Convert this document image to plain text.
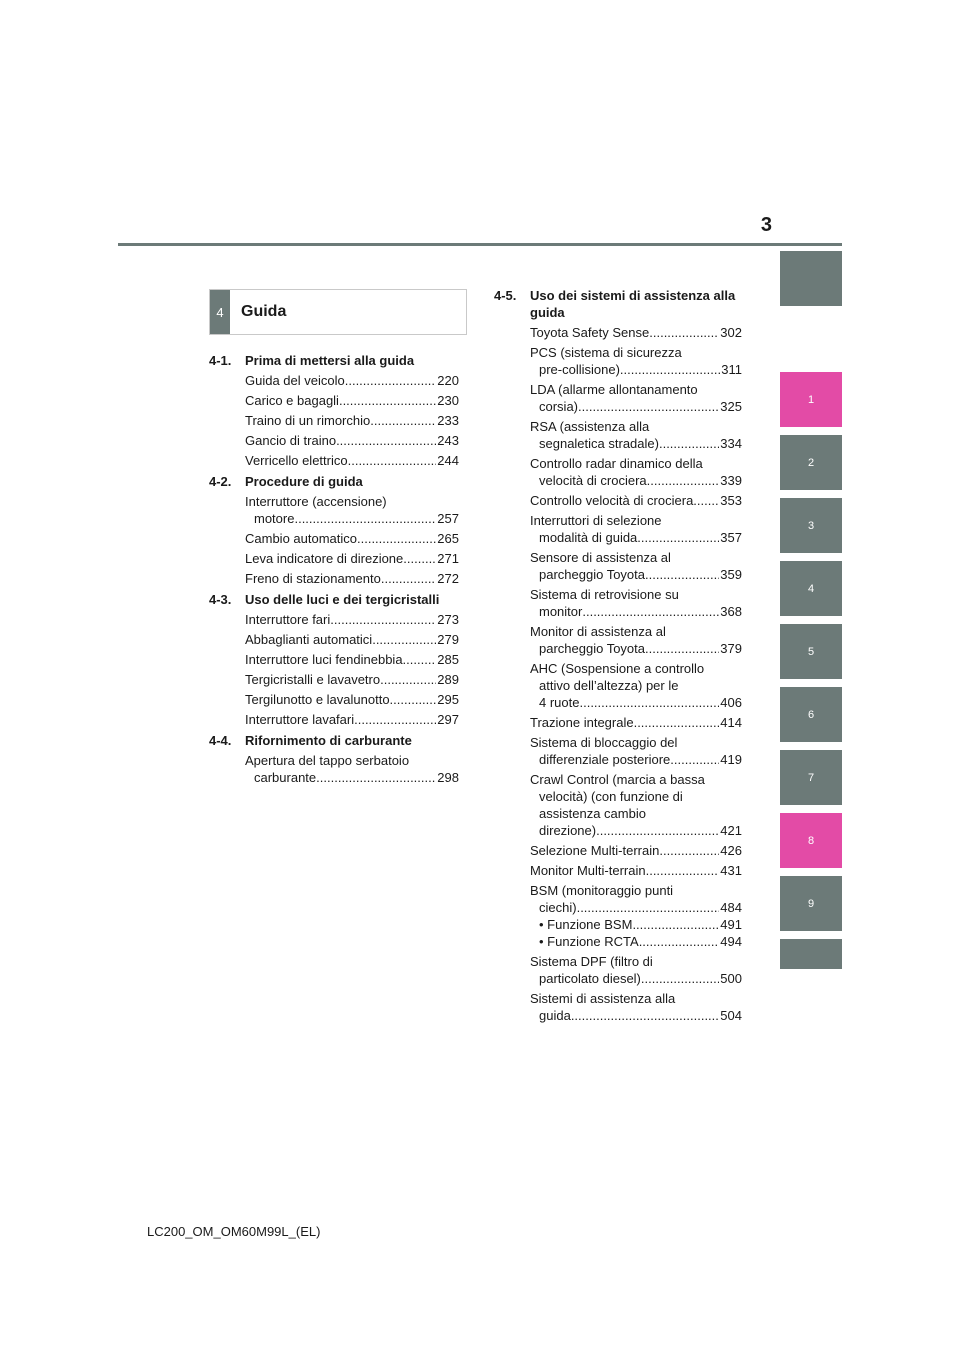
3
4	Guida
4-1.	Prima di mettersi alla guida
Guida del veicolo .....	220
Carico e bagagli .....	230
Traino di un rimorchio .....	233
Gancio di traino .....	243
Verricello elettrico .....	244
4-2.	Procedure di guida
Interruttore (accensione)
motore .....	257
Cambio automatico .....	265
Leva indicatore di direzione .....	271
Freno di stazionamento .....	272
4-3.	Uso delle luci e dei tergicristalli
Interruttore fari .....	273
Abbaglianti automatici .....	279
Interruttore luci fendinebbia .....	285
Tergicristalli e lavavetro .....	289
Tergilunotto e lavalunotto .....	295
Interruttore lavafari .....	297
4-4.	Rifornimento di carburante
Apertura del tappo serbatoio
carburante .....	298
4-5.	Uso dei sistemi di assistenza alla guida
Toyota Safety Sense .....	302
PCS (sistema di sicurezza
pre-collisione) .....	311
LDA (allarme allontanamento
corsia) .....	325
RSA (assistenza alla
segnaletica stradale) .....	334
Controllo radar dinamico della
velocità di crociera .....	339
Controllo velocità di crociera ..... 353
Interruttori di selezione
modalità di guida .....	357
Sensore di assistenza al
parcheggio Toyota .....	359
Sistema di retrovisione su
monitor .....	368
Monitor di assistenza al
parcheggio Toyota .....	379
AHC (Sospensione a controllo
attivo dell’altezza) per le
4 ruote .....	406
Trazione integrale .....	414
Sistema di bloccaggio del
differenziale posteriore .....	419
Crawl Control (marcia a bassa
velocità) (con funzione di
assistenza cambio
direzione) .....	421
Selezione Multi-terrain .....	426
Monitor Multi-terrain .....	431
BSM (monitoraggio punti
ciechi) .....	484
• Funzione BSM .....	491
• Funzione RCTA .....	494
Sistema DPF (filtro di
particolato diesel) .....	500
Sistemi di assistenza alla
guida .....	504
1
2
3
4
5
6
7
8
9
LC200_OM_OM60M99L_(EL)
